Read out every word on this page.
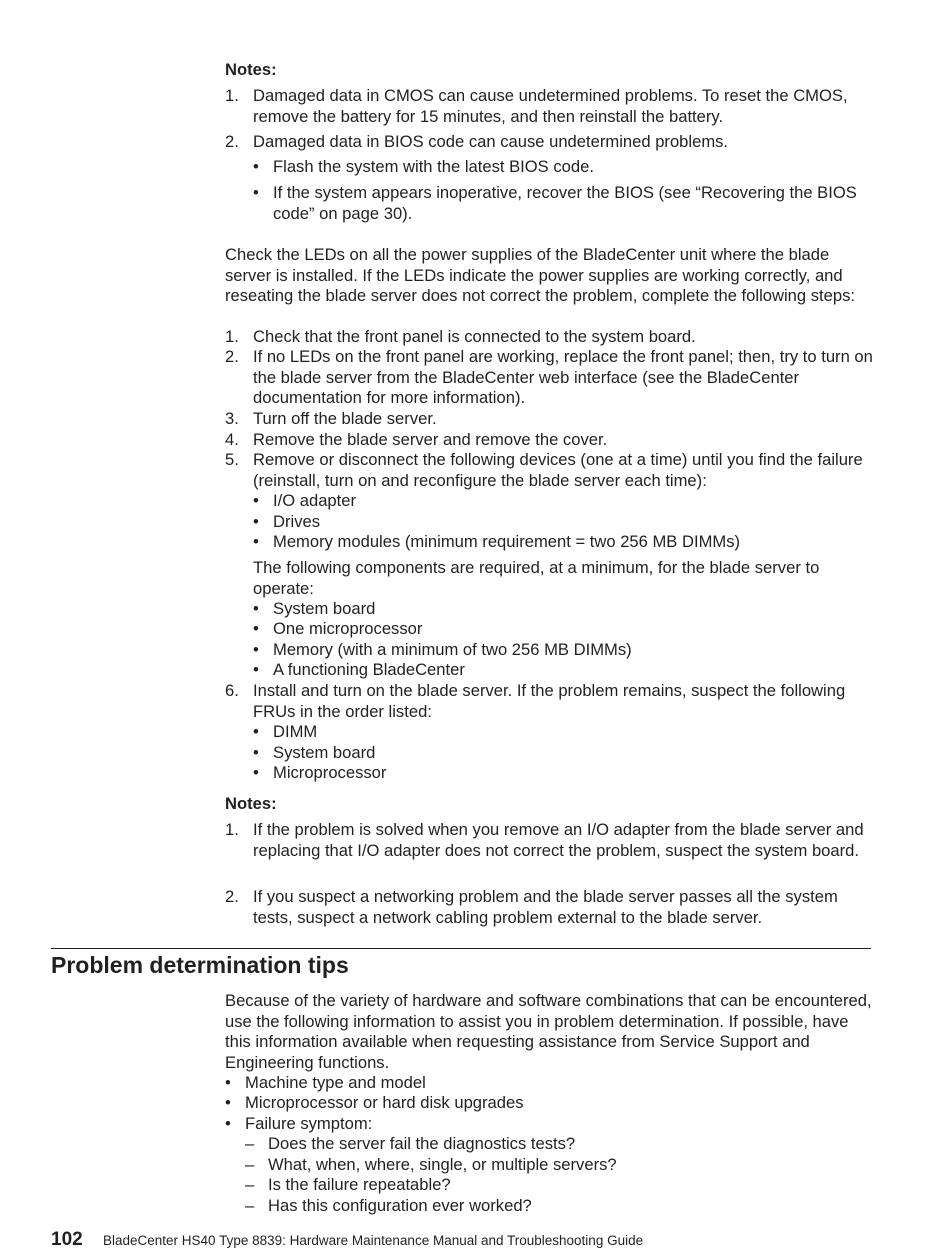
Notes:
1. Damaged data in CMOS can cause undetermined problems. To reset the CMOS, remove the battery for 15 minutes, and then reinstall the battery.
2. Damaged data in BIOS code can cause undetermined problems.
• Flash the system with the latest BIOS code.
• If the system appears inoperative, recover the BIOS (see “Recovering the BIOS code” on page 30).
Check the LEDs on all the power supplies of the BladeCenter unit where the blade server is installed. If the LEDs indicate the power supplies are working correctly, and reseating the blade server does not correct the problem, complete the following steps:
1. Check that the front panel is connected to the system board.
2. If no LEDs on the front panel are working, replace the front panel; then, try to turn on the blade server from the BladeCenter web interface (see the BladeCenter documentation for more information).
3. Turn off the blade server.
4. Remove the blade server and remove the cover.
5. Remove or disconnect the following devices (one at a time) until you find the failure (reinstall, turn on and reconfigure the blade server each time):
• I/O adapter
• Drives
• Memory modules (minimum requirement = two 256 MB DIMMs)
The following components are required, at a minimum, for the blade server to operate:
• System board
• One microprocessor
• Memory (with a minimum of two 256 MB DIMMs)
• A functioning BladeCenter
6. Install and turn on the blade server. If the problem remains, suspect the following FRUs in the order listed:
• DIMM
• System board
• Microprocessor
Notes:
1. If the problem is solved when you remove an I/O adapter from the blade server and replacing that I/O adapter does not correct the problem, suspect the system board.
2. If you suspect a networking problem and the blade server passes all the system tests, suspect a network cabling problem external to the blade server.
Because of the variety of hardware and software combinations that can be encountered, use the following information to assist you in problem determination. If possible, have this information available when requesting assistance from Service Support and Engineering functions.
• Machine type and model
• Microprocessor or hard disk upgrades
• Failure symptom:
– Does the server fail the diagnostics tests?
– What, when, where, single, or multiple servers?
– Is the failure repeatable?
– Has this configuration ever worked?
Problem determination tips
102 BladeCenter HS40 Type 8839: Hardware Maintenance Manual and Troubleshooting Guide
